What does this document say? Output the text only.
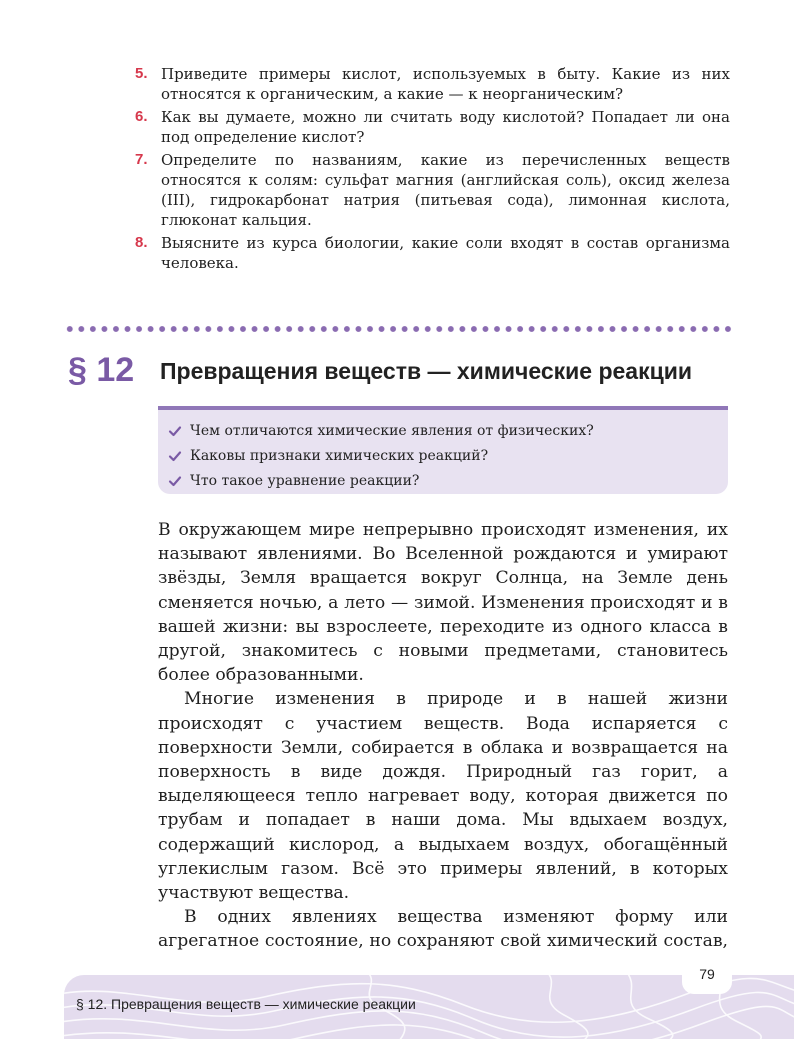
5. Приведите примеры кислот, используемых в быту. Какие из них относятся к органическим, а какие — к неорганическим?
6. Как вы думаете, можно ли считать воду кислотой? Попадает ли она под определение кислот?
7. Определите по названиям, какие из перечисленных веществ относятся к солям: сульфат магния (английская соль), оксид железа (III), гидрокарбонат натрия (питьевая сода), лимонная кислота, глюконат кальция.
8. Выясните из курса биологии, какие соли входят в состав организма человека.
§ 12 Превращения веществ — химические реакции
Чем отличаются химические явления от физических?
Каковы признаки химических реакций?
Что такое уравнение реакции?

В окружающем мире непрерывно происходят изменения, их называют явлениями. Во Вселенной рождаются и умирают звёзды, Земля вращается вокруг Солнца, на Земле день сменяется ночью, а лето — зимой. Изменения происходят и в вашей жизни: вы взрослеете, переходите из одного класса в другой, знакомитесь с новыми предметами, становитесь более образованными.

Многие изменения в природе и в нашей жизни происходят с участием веществ. Вода испаряется с поверхности Земли, собирается в облака и возвращается на поверхность в виде дождя. Природный газ горит, а выделяющееся тепло нагревает воду, которая движется по трубам и попадает в наши дома. Мы вдыхаем воздух, содержащий кислород, а выдыхаем воздух, обогащённый углекислым газом. Всё это примеры явлений, в которых участвуют вещества.

В одних явлениях вещества изменяют форму или агрегатное состояние, но сохраняют свой химический состав,

79
§ 12. Превращения веществ — химические реакции
